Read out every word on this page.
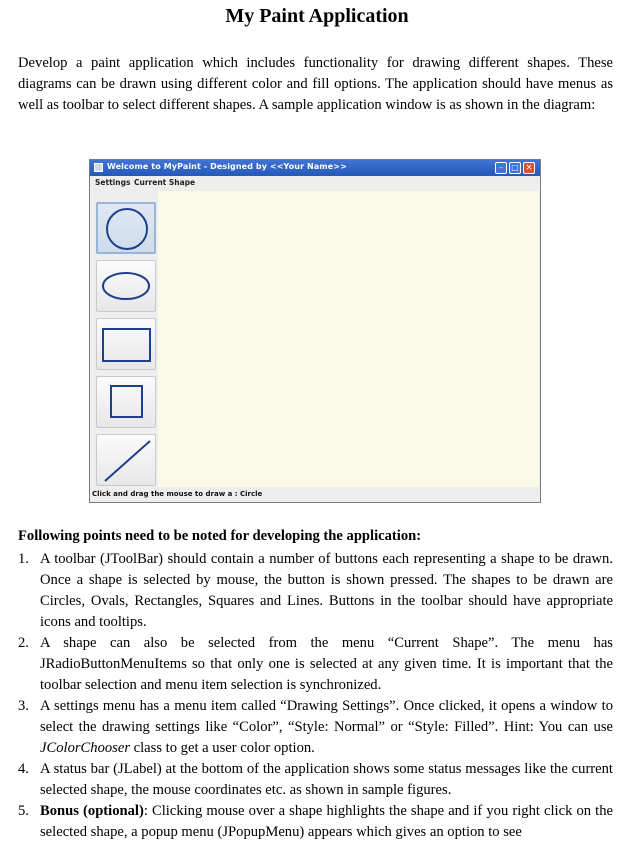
My Paint Application
Develop a paint application which includes functionality for drawing different shapes. These diagrams can be drawn using different color and fill options. The application should have menus as well as toolbar to select different shapes. A sample application window is as shown in the diagram:
Welcome to MyPaint - Designed by <<Your Name>>	–	□ ✕
Settings Current Shape
Click and drag the mouse to draw a : Circle
Following points need to be noted for developing the application:
1. A toolbar (JToolBar) should contain a number of buttons each representing a shape to be drawn. Once a shape is selected by mouse, the button is shown pressed. The shapes to be drawn are Circles, Ovals, Rectangles, Squares and Lines. Buttons in the toolbar should have appropriate icons and tooltips.
2. A shape can also be selected from the menu “Current Shape”. The menu has JRadioButtonMenuItems so that only one is selected at any given time. It is important that the toolbar selection and menu item selection is synchronized.
3. A settings menu has a menu item called “Drawing Settings”. Once clicked, it opens a window to select the drawing settings like “Color”, “Style: Normal” or “Style: Filled”. Hint: You can use JColorChooser class to get a user color option.
4. A status bar (JLabel) at the bottom of the application shows some status messages like the current selected shape, the mouse coordinates etc. as shown in sample figures.
5. Bonus (optional): Clicking mouse over a shape highlights the shape and if you right click on the selected shape, a popup menu (JPopupMenu) appears which gives an option to see
